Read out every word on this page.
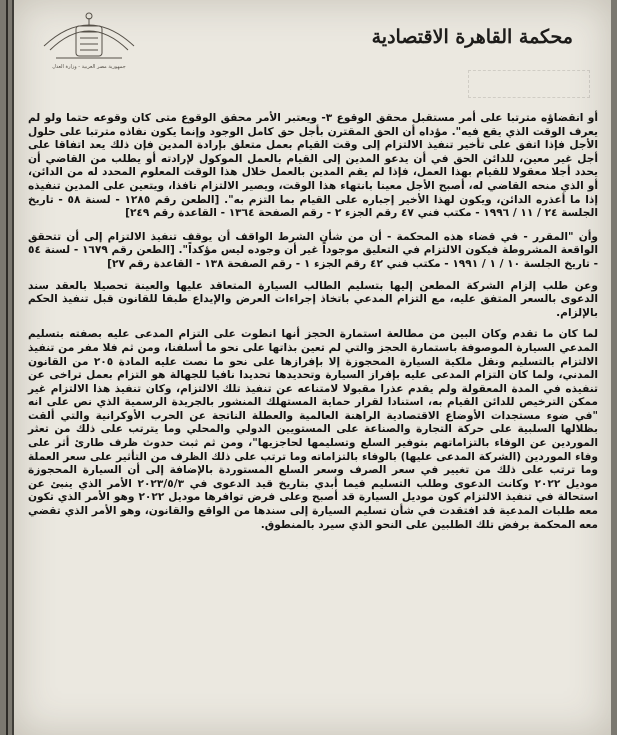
جمهورية مصر العربية - وزارة العدل
محكمة القاهرة الاقتصادية

أو انقضاؤه مترتبا على أمر مستقبل محقق الوقوع ٣- ويعتبر الأمر محقق الوقوع متى كان وقوعه حتما ولو لم يعرف الوقت الذي يقع فيه". مؤداه أن الحق المقترن بأجل حق كامل الوجود وإنما يكون نفاذه مترتبا على حلول الأجل فإذا اتفق على تأخير تنفيذ الالتزام إلى وقت القيام بعمل متعلق بإرادة المدين فإن ذلك يعد اتفاقا على أجل غير معين، للدائن الحق في أن يدعو المدين إلى القيام بالعمل الموكول لإرادته أو يطلب من القاضي أن يحدد أجلا معقولا للقيام بهذا العمل، فإذا لم يقم المدين بالعمل خلال هذا الوقت المعلوم المحدد له من الدائن، أو الذي منحه القاضي له، أصبح الأجل معينا بانتهاء هذا الوقت، ويصير الالتزام نافذا، ويتعين على المدين تنفيذه إذا ما أعذره الدائن، ويكون لهذا الأخير إجباره على القيام بما التزم به". [الطعن رقم ١٢٨٥ - لسنة ٥٨ - تاريخ الجلسة ٢٤ / ١١ / ١٩٩٦ - مكتب فني ٤٧ رقم الجزء ٢ - رقم الصفحة ١٣٦٤ - القاعدة رقم ٢٤٩]

وأن "المقرر - في قضاء هذه المحكمة - أن من شأن الشرط الواقف أن يوقف تنفيذ الالتزام إلى أن تتحقق الواقعة المشروطة فيكون الالتزام في التعليق موجوداً غير أن وجوده ليس مؤكداً". [الطعن رقم ١٦٧٩ - لسنة ٥٤ - تاريخ الجلسة ١٠ / ١ / ١٩٩١ - مكتب فني ٤٢ رقم الجزء ١ - رقم الصفحة ١٣٨ - القاعدة رقم ٢٧]

وعن طلب إلزام الشركة المطعن إليها بتسليم الطالب السيارة المتعاقد عليها والعينة تحصيلا بالعقد سند الدعوى بالسعر المتفق عليه، مع التزام المدعي باتخاذ إجراءات العرض والإيداع طبقا للقانون قبل تنفيذ الحكم بالإلزام.

لما كان ما تقدم وكان البين من مطالعة استمارة الحجز أنها انطوت على التزام المدعى عليه بصفته بتسليم المدعي السيارة الموصوفة باستمارة الحجز والتي لم تعين بذاتها على نحو ما أسلفنا، ومن ثم فلا مفر من تنفيذ الالتزام بالتسليم ونقل ملكية السيارة المحجوزة إلا بإفرازها على نحو ما نصت عليه المادة ٢٠٥ من القانون المدني، ولما كان التزام المدعى عليه بإفراز السيارة وتحديدها تحديدا نافيا للجهالة هو التزام بعمل تراخى عن تنفيذه في المدة المعقولة ولم يقدم عذرا مقبولا لامتناعه عن تنفيذ تلك الالتزام، وكان تنفيذ هذا الالتزام غير ممكن الترخيص للدائن القيام به، استنادا لقرار حماية المستهلك المنشور بالجريدة الرسمية الذي نص على انه "في ضوء مستجدات الأوضاع الاقتصادية الراهنة العالمية والعطلة الناتجة عن الحرب الأوكرانية والتي ألقت بظلالها السلبية على حركة التجارة والصناعة على المستويين الدولي والمحلي وما يترتب على ذلك من تعثر الموردين عن الوفاء بالتزاماتهم بتوفير السلع وتسليمها لحاجزيها"، ومن ثم ثبت حدوث ظرف طارئ أثر على وفاء الموردين (الشركة المدعى عليها) بالوفاء بالتزاماته وما ترتب على ذلك الظرف من التأثير على سعر العملة وما ترتب على ذلك من تغيير في سعر الصرف وسعر السلع المستوردة بالإضافة إلى أن السيارة المحجوزة موديل ٢٠٢٢ وكانت الدعوى وطلب التسليم فيما أبدي بتاريخ قيد الدعوى في ٢٠٢٣/٥/٣ الأمر الذي ينبئ عن استحالة في تنفيذ الالتزام كون موديل السيارة قد أصبح وعلى فرض توافرها موديل ٢٠٢٢ وهو الأمر الذي تكون معه طلبات المدعية قد افتقدت في شأن تسليم السيارة إلى سندها من الواقع والقانون، وهو الأمر الذي تقضي معه المحكمة برفض تلك الطلبين على النحو الذي سيرد بالمنطوق.
